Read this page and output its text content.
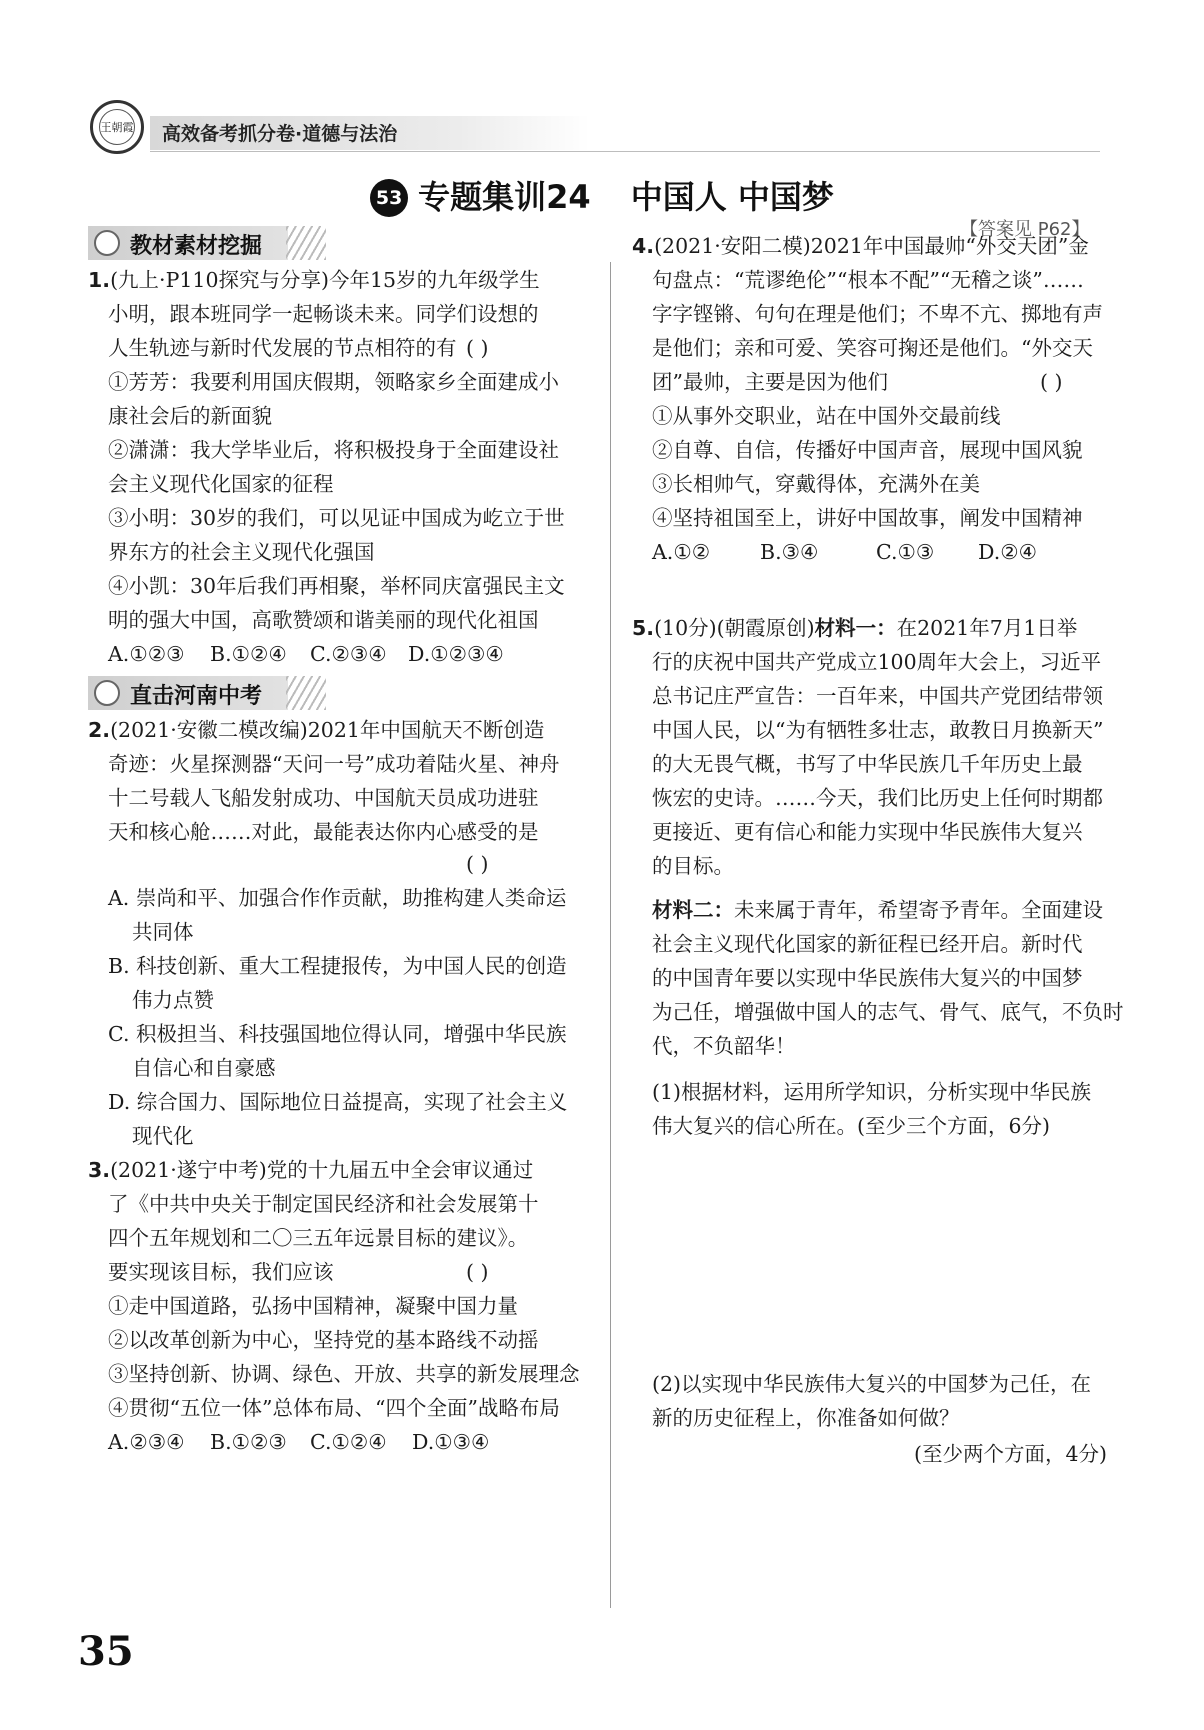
王朝霞 高效备考抓分卷·道德与法治
53 专题集训24 中国人 中国梦
【答案见 P62】
教材素材挖掘
1.(九上·P110探究与分享)今年15岁的九年级学生
小明，跟本班同学一起畅谈未来。同学们设想的
人生轨迹与新时代发展的节点相符的有 ( )
①芳芳：我要利用国庆假期，领略家乡全面建成小
康社会后的新面貌
②潇潇：我大学毕业后，将积极投身于全面建设社
会主义现代化国家的征程
③小明：30岁的我们，可以见证中国成为屹立于世
界东方的社会主义现代化强国
④小凯：30年后我们再相聚，举杯同庆富强民主文
明的强大中国，高歌赞颂和谐美丽的现代化祖国
A.①②③ B.①②④ C.②③④ D.①②③④
直击河南中考
2.(2021·安徽二模改编)2021年中国航天不断创造
奇迹：火星探测器“天问一号”成功着陆火星、神舟
十二号载人飞船发射成功、中国航天员成功进驻
天和核心舱……对此，最能表达你内心感受的是
( )
A. 崇尚和平、加强合作作贡献，助推构建人类命运
共同体
B. 科技创新、重大工程捷报传，为中国人民的创造
伟力点赞
C. 积极担当、科技强国地位得认同，增强中华民族
自信心和自豪感
D. 综合国力、国际地位日益提高，实现了社会主义
现代化
3.(2021·遂宁中考)党的十九届五中全会审议通过
了《中共中央关于制定国民经济和社会发展第十
四个五年规划和二〇三五年远景目标的建议》。
要实现该目标，我们应该	( )
①走中国道路，弘扬中国精神，凝聚中国力量
②以改革创新为中心，坚持党的基本路线不动摇
③坚持创新、协调、绿色、开放、共享的新发展理念
④贯彻“五位一体”总体布局、“四个全面”战略布局
A.②③④ B.①②③ C.①②④ D.①③④
4.(2021·安阳二模)2021年中国最帅“外交天团”金
句盘点：“荒谬绝伦”“根本不配”“无稽之谈”……
字字铿锵、句句在理是他们；不卑不亢、掷地有声
是他们；亲和可爱、笑容可掬还是他们。“外交天
团”最帅，主要是因为他们	( )
①从事外交职业，站在中国外交最前线
②自尊、自信，传播好中国声音，展现中国风貌
③长相帅气，穿戴得体，充满外在美
④坚持祖国至上，讲好中国故事，阐发中国精神
A.①② B.③④	C.①③ D.②④
5.(10分)(朝霞原创)材料一：在2021年7月1日举
行的庆祝中国共产党成立100周年大会上，习近平
总书记庄严宣告：一百年来，中国共产党团结带领
中国人民，以“为有牺牲多壮志，敢教日月换新天”
的大无畏气概，书写了中华民族几千年历史上最
恢宏的史诗。……今天，我们比历史上任何时期都
更接近、更有信心和能力实现中华民族伟大复兴
的目标。
材料二：未来属于青年，希望寄予青年。全面建设
社会主义现代化国家的新征程已经开启。新时代
的中国青年要以实现中华民族伟大复兴的中国梦
为己任，增强做中国人的志气、骨气、底气，不负时
代，不负韶华！
(1)根据材料，运用所学知识，分析实现中华民族
伟大复兴的信心所在。(至少三个方面，6分)
(2)以实现中华民族伟大复兴的中国梦为己任，在
新的历史征程上，你准备如何做？
(至少两个方面，4分)
35
